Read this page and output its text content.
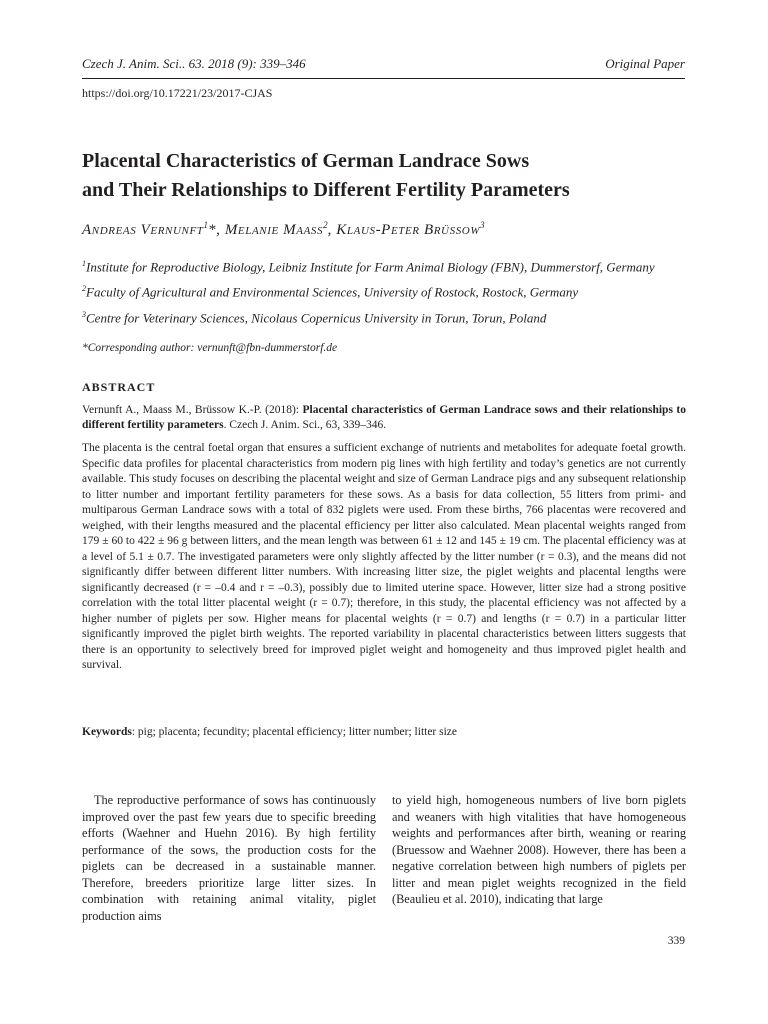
Czech J. Anim. Sci.. 63. 2018 (9): 339–346	Original Paper
https://doi.org/10.17221/23/2017-CJAS
Placental Characteristics of German Landrace Sows
and Their Relationships to Different Fertility Parameters
Andreas Vernunft$^1$*, Melanie Maass$^2$, Klaus-Peter Brüssow$^3$

$^1$Institute for Reproductive Biology, Leibniz Institute for Farm Animal Biology (FBN), Dummerstorf, Germany

$^2$Faculty of Agricultural and Environmental Sciences, University of Rostock, Rostock, Germany

$^3$Centre for Veterinary Sciences, Nicolaus Copernicus University in Torun, Torun, Poland

*Corresponding author: vernunft@fbn-dummerstorf.de
ABSTRACT
Vernunft A., Maass M., Brüssow K.-P. (2018): Placental characteristics of German Landrace sows and their relationships to different fertility parameters. Czech J. Anim. Sci., 63, 339–346.
The placenta is the central foetal organ that ensures a sufficient exchange of nutrients and metabolites for adequate foetal growth. Specific data profiles for placental characteristics from modern pig lines with high fertility and today’s genetics are not currently available. This study focuses on describing the placental weight and size of German Landrace pigs and any subsequent relationship to litter number and important fertility parameters for these sows. As a basis for data collection, 55 litters from primi- and multiparous German Landrace sows with a total of 832 piglets were used. From these births, 766 placentas were recovered and weighed, with their lengths measured and the placental efficiency per litter also calculated. Mean placental weights ranged from 179 ± 60 to 422 ± 96 g between litters, and the mean length was between 61 ± 12 and 145 ± 19 cm. The placental efficiency was at a level of 5.1 ± 0.7. The investigated parameters were only slightly affected by the litter number (r = 0.3), and the means did not significantly differ between different litter numbers. With increasing litter size, the piglet weights and placental lengths were significantly decreased (r = –0.4 and r = –0.3), possibly due to limited uterine space. However, litter size had a strong positive correlation with the total litter placental weight (r = 0.7); therefore, in this study, the placental efficiency was not affected by a higher number of piglets per sow. Higher means for placental weights (r = 0.7) and lengths (r = 0.7) in a particular litter significantly improved the piglet birth weights. The reported variability in placental characteristics between litters suggests that there is an opportunity to selectively breed for improved piglet weight and homogeneity and thus improved piglet health and survival.
Keywords: pig; placenta; fecundity; placental efficiency; litter number; litter size
The reproductive performance of sows has continuously improved over the past few years due to specific breeding efforts (Waehner and Huehn 2016). By high fertility performance of the sows, the production costs for the piglets can be decreased in a sustainable manner. Therefore, breeders prioritize large litter sizes. In combination with retaining animal vitality, piglet production aims
to yield high, homogeneous numbers of live born piglets and weaners with high vitalities that have homogeneous weights and performances after birth, weaning or rearing (Bruessow and Waehner 2008). However, there has been a negative correlation between high numbers of piglets per litter and mean piglet weights recognized in the field (Beaulieu et al. 2010), indicating that large
339
